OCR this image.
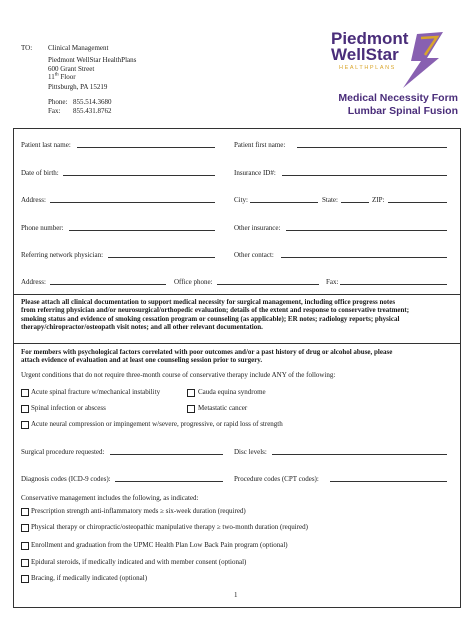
TO: Clinical Management
Piedmont WellStar HealthPlans
600 Grant Street
11th Floor
Pittsburgh, PA 15219
Phone: 855.514.3680
Fax: 855.431.8762
Piedmont
WellStar
HEALTHPLANS
Medical Necessity Form
Lumbar Spinal Fusion
Patient last name:	Patient first name:
Date of birth:	Insurance ID#:
Address:	City:	State:	ZIP:
Phone number:	Other insurance:
Referring network physician:	Other contact:
Address:	Office phone:	Fax:
Please attach all clinical documentation to support medical necessity for surgical management, including office progress notes
from referring physician and/or neurosurgical/orthopedic evaluation; details of the extent and response to conservative treatment;
smoking status and evidence of smoking cessation program or counseling (as applicable); ER notes; radiology reports; physical
therapy/chiropractor/osteopath visit notes; and all other relevant documentation.
For members with psychological factors correlated with poor outcomes and/or a past history of drug or alcohol abuse, please
attach evidence of evaluation and at least one counseling session prior to surgery.
Urgent conditions that do not require three-month course of conservative therapy include ANY of the following:
Acute spinal fracture w/mechanical instability	Cauda equina syndrome
Spinal infection or abscess	Metastatic cancer
Acute neural compression or impingement w/severe, progressive, or rapid loss of strength
Surgical procedure requested:	Disc levels:
Diagnosis codes (ICD-9 codes):	Procedure codes (CPT codes):
Conservative management includes the following, as indicated:
Prescription strength anti-inflammatory meds ≥ six-week duration (required)
Physical therapy or chiropractic/osteopathic manipulative therapy ≥ two-month duration (required)
Enrollment and graduation from the UPMC Health Plan Low Back Pain program (optional)
Epidural steroids, if medically indicated and with member consent (optional)
Bracing, if medically indicated (optional)
1
